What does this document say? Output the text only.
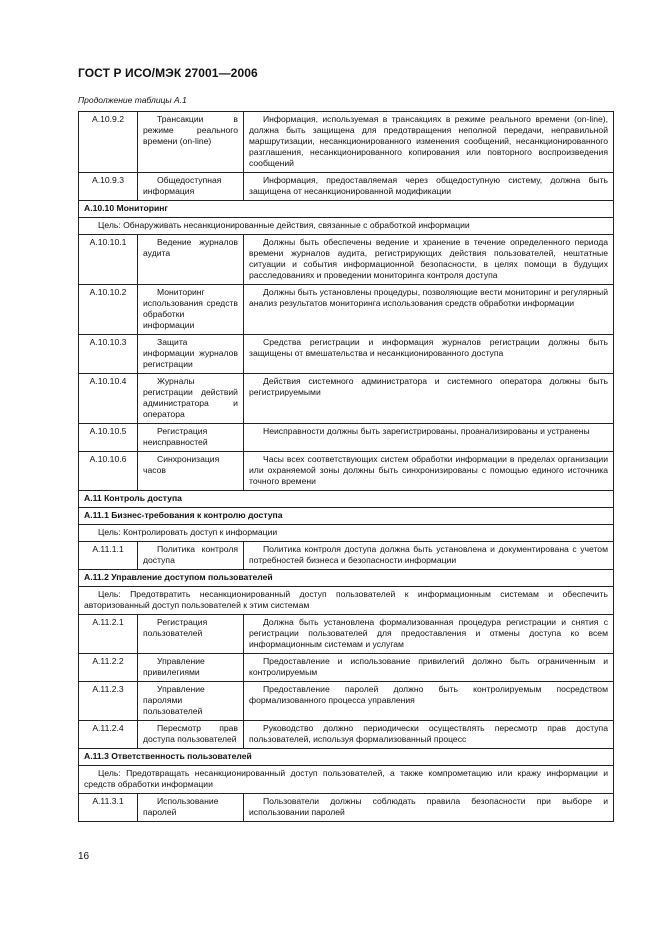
ГОСТ Р ИСО/МЭК 27001—2006
Продолжение таблицы А.1
A.10.9.2	Трансакции в режиме реального времени (on-line)	Информация, используемая в трансакциях в режиме реального времени (on-line), должна быть защищена для предотвращения неполной передачи, неправильной маршрутизации, несанкционированного изменения сообщений, несанкционированного разглашения, несанкционированного копирования или повторного воспроизведения сообщений
A.10.9.3	Общедоступная информация	Информация, предоставляемая через общедоступную систему, должна быть защищена от несанкционированной модификации
A.10.10 Мониторинг		
Цель: Обнаруживать несанкционированные действия, связанные с обработкой информации		
A.10.10.1	Ведение журналов аудита	Должны быть обеспечены ведение и хранение в течение определенного периода времени журналов аудита, регистрирующих действия пользователей, нештатные ситуации и события информационной безопасности, в целях помощи в будущих расследованиях и проведении мониторинга контроля доступа
A.10.10.2	Мониторинг использования средств обработки информации	Должны быть установлены процедуры, позволяющие вести мониторинг и регулярный анализ результатов мониторинга использования средств обработки информации
A.10.10.3	Защита информации журналов регистрации	Средства регистрации и информация журналов регистрации должны быть защищены от вмешательства и несанкционированного доступа
A.10.10.4	Журналы регистрации действий администратора и оператора	Действия системного администратора и системного оператора должны быть регистрируемыми
A.10.10.5	Регистрация неисправностей	Неисправности должны быть зарегистрированы, проанализированы и устранены
A.10.10.6	Синхронизация часов	Часы всех соответствующих систем обработки информации в пределах организации или охраняемой зоны должны быть синхронизированы с помощью единого источника точного времени
A.11 Контроль доступа		
A.11.1 Бизнес-требования к контролю доступа		
Цель: Контролировать доступ к информации		
A.11.1.1	Политика контроля доступа	Политика контроля доступа должна быть установлена и документирована с учетом потребностей бизнеса и безопасности информации
A.11.2 Управление доступом пользователей		
Цель: Предотвратить несанкционированный доступ пользователей к информационным системам и обеспечить авторизованный доступ пользователей к этим системам		
A.11.2.1	Регистрация пользователей	Должна быть установлена формализованная процедура регистрации и снятия с регистрации пользователей для предоставления и отмены доступа ко всем информационным системам и услугам
A.11.2.2	Управление привилегиями	Предоставление и использование привилегий должно быть ограниченным и контролируемым
A.11.2.3	Управление паролями пользователей	Предоставление паролей должно быть контролируемым посредством формализованного процесса управления
A.11.2.4	Пересмотр прав доступа пользователей	Руководство должно периодически осуществлять пересмотр прав доступа пользователей, используя формализованный процесс
A.11.3 Ответственность пользователей		
Цель: Предотвращать несанкционированный доступ пользователей, а также компрометацию или кражу информации и средств обработки информации		
A.11.3.1	Использование паролей	Пользователи должны соблюдать правила безопасности при выборе и использовании паролей
16
